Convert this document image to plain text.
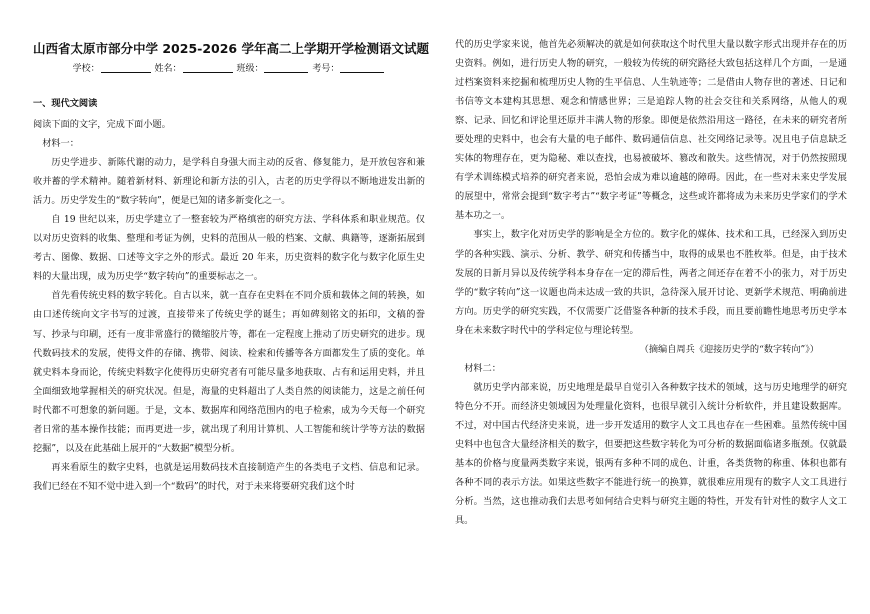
山西省太原市部分中学 2025-2026 学年高二上学期开学检测语文试题
学校：	姓名：	班级：	考号：
一、现代文阅读

阅读下面的文字，完成下面小题。

材料一：

历史学进步、新陈代谢的动力，是学科自身强大而主动的反省、修复能力，是开放包容和兼收并蓄的学术精神。随着新材料、新理论和新方法的引入，古老的历史学得以不断地进发出新的活力。历史学发生的“数字转向”，便是已知的诸多新变化之一。

自 19 世纪以来，历史学建立了一整套较为严格缜密的研究方法、学科体系和职业规范。仅以对历史资料的收集、整理和考证为例，史料的范围从一般的档案、文献、典籍等，逐渐拓展到考古、图像、数据、口述等文字之外的形式。最近 20 年来，历史资料的数字化与数字化原生史料的大量出现，成为历史学“数字转向”的重要标志之一。

首先看传统史料的数字转化。自古以来，就一直存在史料在不同介质和载体之间的转换，如由口述传统向文字书写的过渡，直接带来了传统史学的诞生；再如碑刻铭文的拓印，文稿的誊写、抄录与印刷，还有一度非常盛行的微缩胶片等，都在一定程度上推动了历史研究的进步。现代数码技术的发展，使得文件的存储、携带、阅读、检索和传播等各方面都发生了质的变化。单就史料本身而论，传统史料数字化使得历史研究者有可能尽量多地获取、占有和运用史料，并且全面细致地掌握相关的研究状况。但是，海量的史料超出了人类自然的阅读能力，这是之前任何时代都不可想象的新问题。于是，文本、数据库和网络范围内的电子检索，成为今天每一个研究者日常的基本操作技能；而再更进一步，就出现了利用计算机、人工智能和统计学等方法的数据挖掘”，以及在此基础上展开的“大数据”模型分析。

再来看原生的数字史料，也就是运用数码技术直接制造产生的各类电子文档、信息和记录。我们已经在不知不觉中进入到一个“数码”的时代，对于未来将要研究我们这个时

代的历史学家来说，他首先必须解决的就是如何获取这个时代里大量以数字形式出现并存在的历史资料。例如，进行历史人物的研究，一般较为传统的研究路径大致包括这样几个方面，一是通过档案资料来挖掘和梳理历史人物的生平信息、人生轨迹等；二是借由人物存世的著述、日记和书信等文本建构其思想、观念和情感世界；三是追踪人物的社会交往和关系网络，从他人的观察、记录、回忆和评论里还原并丰满人物的形象。即便是依然沿用这一路径，在未来的研究者所要处理的史料中，也会有大量的电子邮件、数码通信信息、社交网络记录等。况且电子信息缺乏实体的物理存在，更为隐秘、难以查找，也易被破坏、篡改和散失。这些情况，对于仍然按照现有学术训练模式培养的研究者来说，恐怕会成为难以逾越的障碍。因此，在一些对未来史学发展的展望中，常常会提到“数字考古”“数字考证”等概念，这些或许都将成为未来历史学家们的学术基本功之一。

事实上，数字化对历史学的影响是全方位的。数字化的媒体、技术和工具，已经深入到历史学的各种实践、演示、分析、教学、研究和传播当中，取得的成果也不胜枚举。但是，由于技术发展的日新月异以及传统学科本身存在一定的滞后性，两者之间还存在着不小的张力，对于历史学的“数字转向”这一议题也尚未达成一致的共识，急待深入展开讨论、更新学术规范、明确前进方向。历史学的研究实践，不仅需要广泛借鉴各种新的技术手段，而且要前瞻性地思考历史学本身在未来数字时代中的学科定位与理论转型。

（摘编自周兵《迎接历史学的“数字转向”》）

材料二：

就历史学内部来说，历史地理是最早自觉引入各种数字技术的领域，这与历史地理学的研究特色分不开。而经济史领域因为处理量化资料，也很早就引入统计分析软件，并且建设数据库。不过，对中国古代经济史来说，进一步开发适用的数字人文工具也存在一些困难。虽然传统中国史料中也包含大量经济相关的数字，但要把这些数字转化为可分析的数据面临诸多瓶颈。仅就最基本的价格与度量两类数字来说，银两有多种不同的成色、计重，各类货物的称重、体积也都有各种不同的表示方法。如果这些数字不能进行统一的换算，就很难应用现有的数字人文工具进行分析。当然，这也推动我们去思考如何结合史料与研究主题的特性，开发有针对性的数字人文工具。
